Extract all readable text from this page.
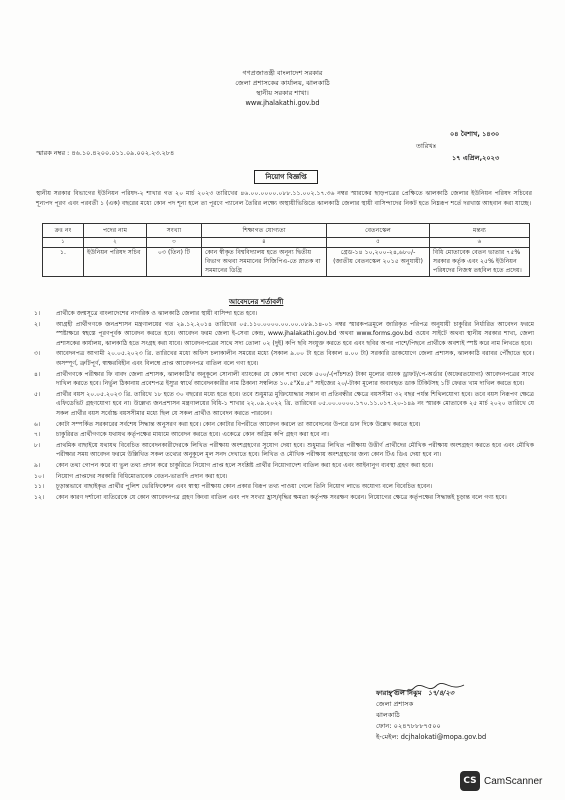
গণপ্রজাতন্ত্রী বাংলাদেশ সরকার
জেলা প্রশাসকের কার্যালয়, ঝালকাঠি
স্থানীয় সরকার শাখা।
www.jhalakathi.gov.bd
০৪ বৈশাখ, ১৪৩০
তারিখঃ
১৭ এপ্রিল,২০২৩
স্মারক নম্বর : ৪৬.১০.৪২০০.০১১.০৯.০০২.২৩.২৮৪
নিয়োগ বিজ্ঞপ্তি
স্থানীয় সরকার বিভাগের ইউনিয়ন পরিষদ-২ শাখার গত ২০ মার্চ ২০২৩ তারিখের ৪৬.০০.০০০০.০৮৮.১১.০০২.১৭.৩৬ নম্বর স্মারকের ছাড়পত্রের প্রেক্ষিতে ঝালকাঠি জেলার ইউনিয়ন পরিষদ সচিবের শূন্যপদ পূরণ এবং পরবর্তী ১ (এক) বছরের মধ্যে কোন পদ শূন্য হলে তা পূরণে প্যানেল তৈরির লক্ষ্যে অস্থায়ীভিত্তিতে ঝালকাঠি জেলার স্থায়ী বাসিন্দাদের নিকট হতে নিম্নরূপ শর্তে দরখাস্ত আহবান করা যাচ্ছে।
ক্রঃ নং	পদের নাম	সংখ্যা	শিক্ষাগত যোগ্যতা	বেতনস্কেল	মন্তব্য
১	২	৩	৪	৫	৬
১.	ইউনিয়ন পরিষদ সচিব	০৩ (তিন) টি	কোন স্বীকৃত বিশ্ববিদ্যালয় হতে অনূন্য দ্বিতীয় বিভাগ অথবা সমমানের সিজিপিএ-তে স্নাতক বা সমমানের ডিগ্রি	গ্রেড-১৪ ১০,২০০-২৪,৬৮০/- (জাতীয় বেতনস্কেল ২০১৫ অনুযায়ী)	বিধি মোতাবেক বেতন ভাতার ৭৫% সরকার কর্তৃক এবং ২৫% ইউনিয়ন পরিষদের নিজস্ব তহবিল হতে প্রদেয়।
আবেদনের শর্তাবলী
১।	প্রার্থীকে জন্মসূত্রে বাংলাদেশের নাগরিক ও ঝালকাঠি জেলার স্থায়ী বাসিন্দা হতে হবে।
২।	আগ্রহী প্রার্থীগণকে জনপ্রশাসন মন্ত্রণালয়ের গত ২৯.১২.২০১৪ তারিখের ০৫.১১০.০০০০.০০.০০.০৮৯.১৪-০১ নম্বর স্মারকপত্রমূলে জারিকৃত পরিপত্র অনুযায়ী চাকুরির নির্ধারিত আবেদন ফরমে স্পষ্টাক্ষরে স্বহস্তে পূরণপূর্বক আবেদন করতে হবে। আবেদন ফরম জেলা ই-সেবা কেন্দ্র, www.jhalakathi.gov.bd অথবা www.forms.gov.bd ওয়েব সাইটে অথবা স্থানীয় সরকার শাখা, জেলা প্রশাসকের কার্যালয়, ঝালকাঠি হতে সংগ্রহ করা যাবে। আবেদনপত্রের সাথে সদ্য তোলা ০২ (দুই) কপি ছবি সংযুক্ত করতে হবে এবং ছবির অপর পাশে/পিছনে প্রার্থীকে অবশ্যই স্পষ্ট করে নাম লিখতে হবে।
৩।	আবেদনপত্র আগামী ২০.০৫.২০২৩ খ্রি. তারিখের মধ্যে অফিস চলাকালীন সময়ের মধ্যে (সকাল ৯.০০ টা হতে বিকাল ৪.০০ টা) সরকারি ডাকযোগে জেলা প্রশাসক, ঝালকাঠি বরাবর পৌঁছাতে হবে। অসম্পূর্ণ, ত্রুটিপূর্ণ, স্বাক্ষরবিহীন এবং বিলম্বে প্রাপ্ত আবেদনপত্র বাতিল বলে গণ্য হবে।
৪।	প্রার্থীগণকে পরীক্ষার ফি বাবদ জেলা প্রশাসক, ঝালকাঠি'র অনুকূলে সোনালী ব্যাংকের যে কোন শাখা থেকে ৫০০/-(পাঁচশত) টাকা মূল্যের ব্যাংক ড্রাফট/পে-অর্ডার (অফেরতযোগ্য) আবেদনপত্রের সাথে দাখিল করতে হবে। নির্ভুল ঠিকানায় প্রবেশপত্র ইস্যুর স্বার্থে আবেদনকারীর নাম ঠিকানা সম্বলিত ১০.৫"X৪.৫" সাইজের ২০/-টাকা মূল্যের অব্যবহৃত ডাক টিকিটসহ ১টি ফেরত খাম দাখিল করতে হবে।
৫।	প্রার্থীর বয়স ২০.০৫.২০২৩ খ্রি. তারিখে ১৮ হতে ৩০ বছরের মধ্যে হতে হবে। তবে শুধুমাত্র মুক্তিযোদ্ধার সন্তান বা প্রতিবন্ধীর ক্ষেত্রে বয়সসীমা ৩২ বছর পর্যন্ত শিথিলযোগ্য হবে। তবে বয়স নিরূপণ ক্ষেত্রে এফিডেভিট গ্রহণযোগ্য হবে না। উল্লেখ্য জনপ্রশাসন মন্ত্রণালয়ের বিধি-১ শাখার ২২.০৯.২০২২ খ্রি. তারিখের ০৫.০০.০০০০.১৭০.১১.০১৭.২০-১৪৯ নং স্মারক মোতাবেক ২৫ মার্চ ২০২০ তারিখে যে সকল প্রার্থীর বয়স সর্বোচ্চ বয়সসীমার মধ্যে ছিল যে সকল প্রার্থীও আবেদন করতে পারবেন।
৬।	কোটা সম্পর্কিত সরকারের সর্বশেষ সিদ্ধান্ত অনুসরণ করা হবে। কোন কোটার বিপরীতে আবেদন করলে তা আবেদনের উপরে ডান দিকে উল্লেখ করতে হবে।
৭।	চাকুরিরত প্রার্থীগণকে যথাযথ কর্তৃপক্ষের মাধ্যমে আবেদন করতে হবে। একেত্রে কোন অগ্রিম কপি গ্রহণ করা হবে না।
৮।	প্রাথমিক বাছাইয়ে যথাযথ বিবেচিত আবেদনকারীদেরকে লিখিত পরীক্ষায় অংশগ্রহণের সুযোগ দেয়া হবে। শুধুমাত্র লিখিত পরীক্ষায় উত্তীর্ণ প্রার্থীদের মৌখিক পরীক্ষায় অংশগ্রহণ করতে হবে এবং মৌখিক পরীক্ষার সময় আবেদন ফরমে উল্লিখিত সকল তথ্যের অনুকূলে মূল সনদ দেখাতে হবে। লিখিত ও মৌখিক পরীক্ষায় অংশগ্রহণের জন্য কোন টিএ ডিএ দেয়া হবে না।
৯।	কোন তথ্য গোপন করে বা ভুল তথ্য প্রদান করে চাকুরিতে নিয়োগ প্রাপ্ত হলে সংশ্লিষ্ট প্রার্থীর নিয়োগাদেশ বাতিল করা হবে এবং আইনানুগ ব্যবস্থা গ্রহণ করা হবে।
১০।	নিয়োগ প্রাপ্তদের সরকারি বিধিমোতাবেক বেতন-ভাতাদি প্রদান করা হবে।
১১।	চূড়ান্তভাবে বাছাইকৃত প্রার্থীর পুলিশ ভেরিফিকেশন এবং স্বাস্থ্য পরীক্ষায় কোন প্রকার বিরূপ তথ্য পাওয়া গেলে তিনি নিয়োগ লাভে অযোগ্য বলে বিবেচিত হবেন।
১২।	কোন কারণ দর্শানো ব্যতিরেকে যে কোন আবেদনপত্র গ্রহণ কিংবা বাতিল এবং পদ সংখ্যা হ্রাস/বৃদ্ধির ক্ষমতা কর্তৃপক্ষ সংরক্ষণ করেন। নিয়োগের ক্ষেত্রে কর্তৃপক্ষের সিদ্ধান্তই চূড়ান্ত বলে গণ্য হবে।
ফারাহ্ গুল নিঝুম ১৭/৪/২৩
জেলা প্রশাসক
ঝালকাঠি
ফোন: ০২৪৭৮৮৮৭৫০০
ই-মেইল: dcjhalokati@mopa.gov.bd
CS CamScanner
